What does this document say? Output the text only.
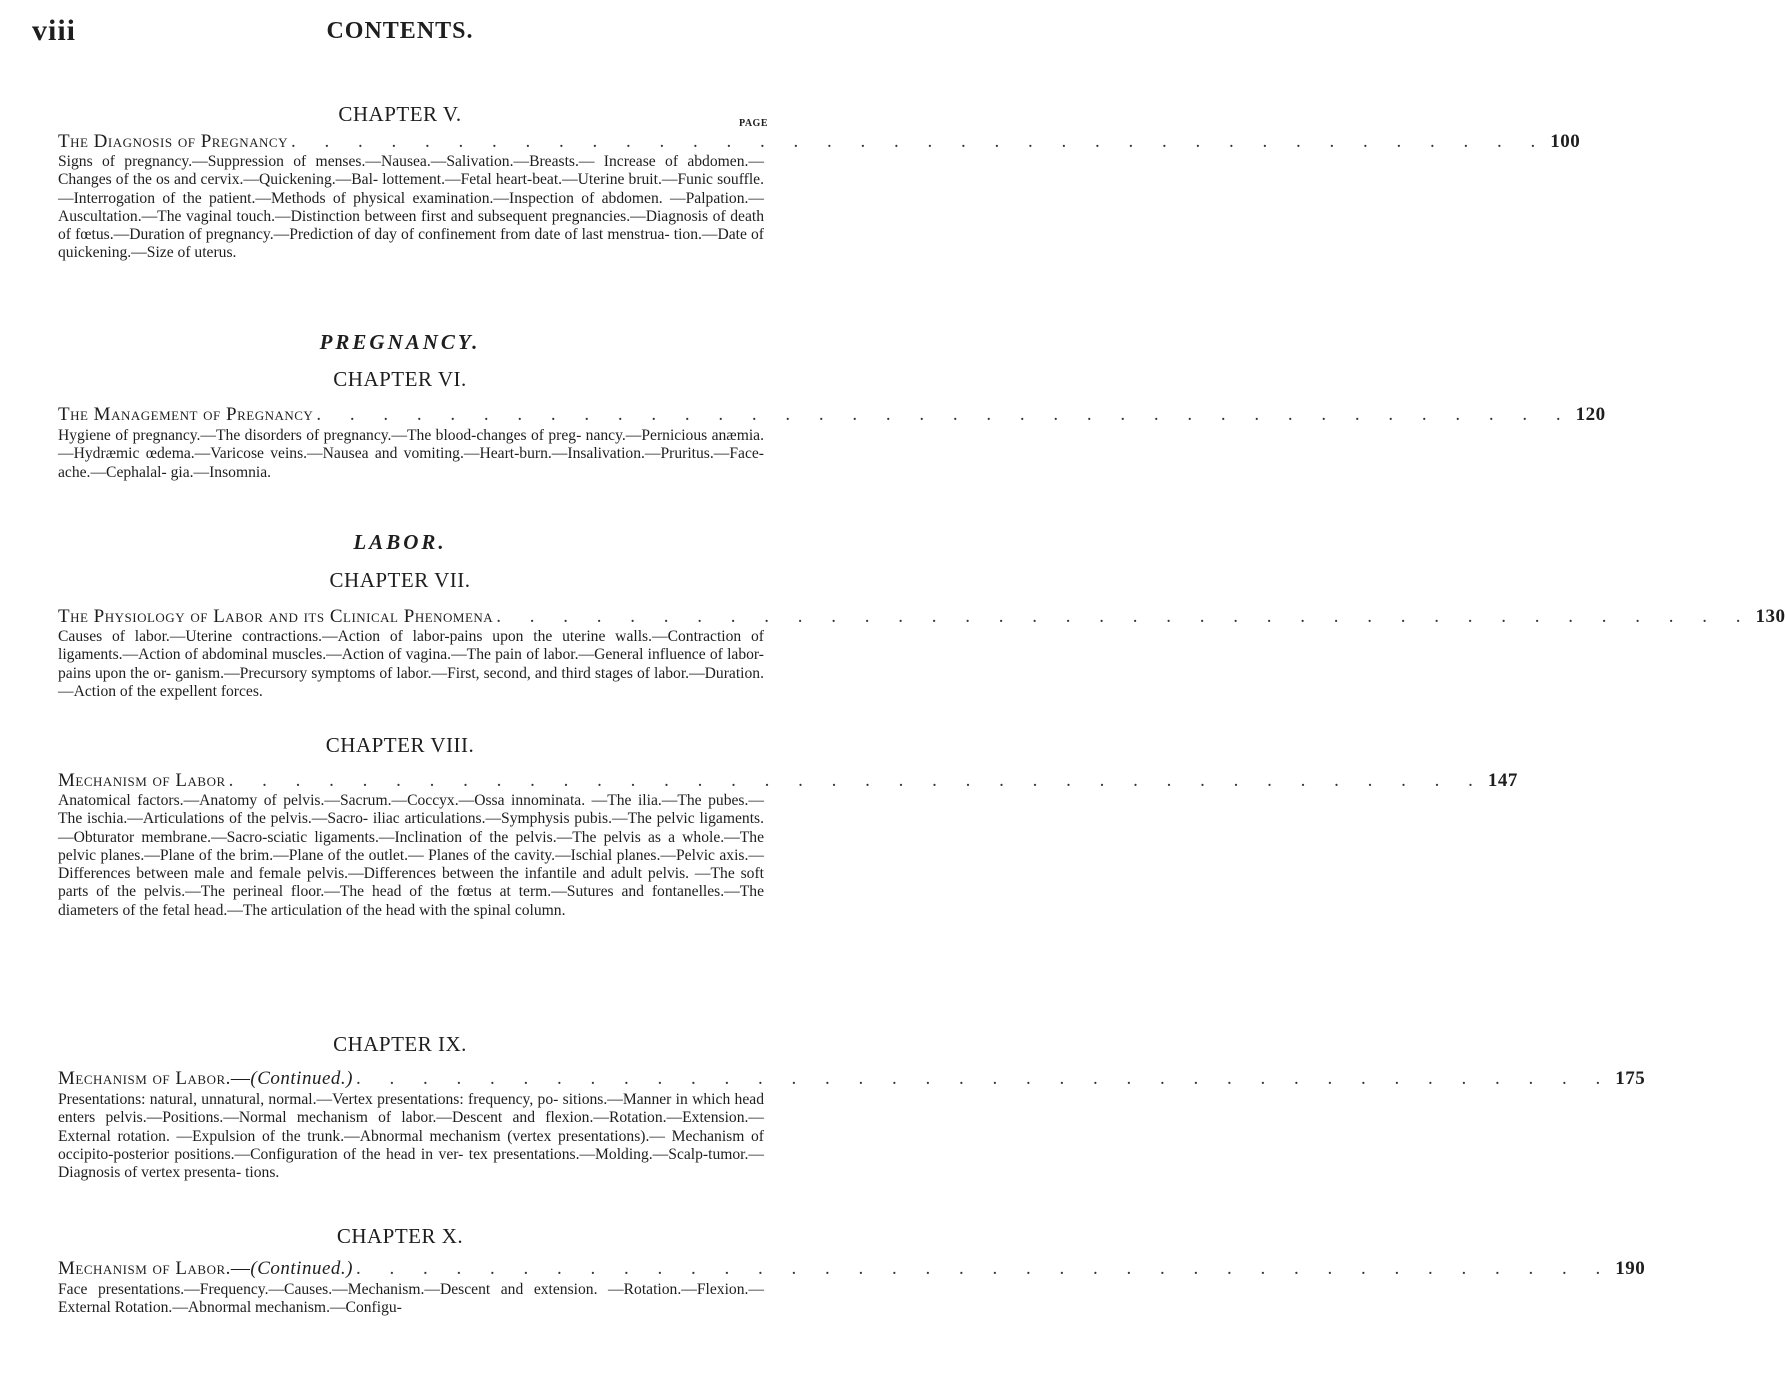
viii	CONTENTS.
CHAPTER V.	PAGE
The Diagnosis of Pregnancy . . . . . . . . . . . . . . . . . . . . . . . . . . . . . . . . . . . . . . 100
Signs of pregnancy.—Suppression of menses.—Nausea.—Salivation.—Breasts.— Increase of abdomen.—Changes of the os and cervix.—Quickening.—Bal- lottement.—Fetal heart-beat.—Uterine bruit.—Funic souffle.—Interrogation of the patient.—Methods of physical examination.—Inspection of abdomen. —Palpation.—Auscultation.—The vaginal touch.—Distinction between first and subsequent pregnancies.—Diagnosis of death of fœtus.—Duration of pregnancy.—Prediction of day of confinement from date of last menstrua- tion.—Date of quickening.—Size of uterus.
PREGNANCY.
CHAPTER VI.
The Management of Pregnancy . . . . . . . . . . . . . . . . . . . . . . . . . . . . . . . . . . . . . . 120
Hygiene of pregnancy.—The disorders of pregnancy.—The blood-changes of preg- nancy.—Pernicious anæmia.—Hydræmic œdema.—Varicose veins.—Nausea and vomiting.—Heart-burn.—Insalivation.—Pruritus.—Face-ache.—Cephalal- gia.—Insomnia.
LABOR.
CHAPTER VII.
The Physiology of Labor and its Clinical Phenomena . . . . . . . . . . . . . . . . . . . . . . . . . . . . . . . . . . . . . . 130
Causes of labor.—Uterine contractions.—Action of labor-pains upon the uterine walls.—Contraction of ligaments.—Action of abdominal muscles.—Action of vagina.—The pain of labor.—General influence of labor-pains upon the or- ganism.—Precursory symptoms of labor.—First, second, and third stages of labor.—Duration.—Action of the expellent forces.
CHAPTER VIII.
Mechanism of Labor . . . . . . . . . . . . . . . . . . . . . . . . . . . . . . . . . . . . . . 147
Anatomical factors.—Anatomy of pelvis.—Sacrum.—Coccyx.—Ossa innominata. —The ilia.—The pubes.—The ischia.—Articulations of the pelvis.—Sacro- iliac articulations.—Symphysis pubis.—The pelvic ligaments.—Obturator membrane.—Sacro-sciatic ligaments.—Inclination of the pelvis.—The pelvis as a whole.—The pelvic planes.—Plane of the brim.—Plane of the outlet.— Planes of the cavity.—Ischial planes.—Pelvic axis.—Differences between male and female pelvis.—Differences between the infantile and adult pelvis. —The soft parts of the pelvis.—The perineal floor.—The head of the fœtus at term.—Sutures and fontanelles.—The diameters of the fetal head.—The articulation of the head with the spinal column.
CHAPTER IX.
Mechanism of Labor.—(Continued.) . . . . . . . . . . . . . . . . . . . . . . . . . . . . . . . . . . . . . . 175
Presentations: natural, unnatural, normal.—Vertex presentations: frequency, po- sitions.—Manner in which head enters pelvis.—Positions.—Normal mechanism of labor.—Descent and flexion.—Rotation.—Extension.—External rotation. —Expulsion of the trunk.—Abnormal mechanism (vertex presentations).— Mechanism of occipito-posterior positions.—Configuration of the head in ver- tex presentations.—Molding.—Scalp-tumor.—Diagnosis of vertex presenta- tions.
CHAPTER X.
Mechanism of Labor.—(Continued.) . . . . . . . . . . . . . . . . . . . . . . . . . . . . . . . . . . . . . . 190
Face presentations.—Frequency.—Causes.—Mechanism.—Descent and extension. —Rotation.—Flexion.—External Rotation.—Abnormal mechanism.—Configu-
